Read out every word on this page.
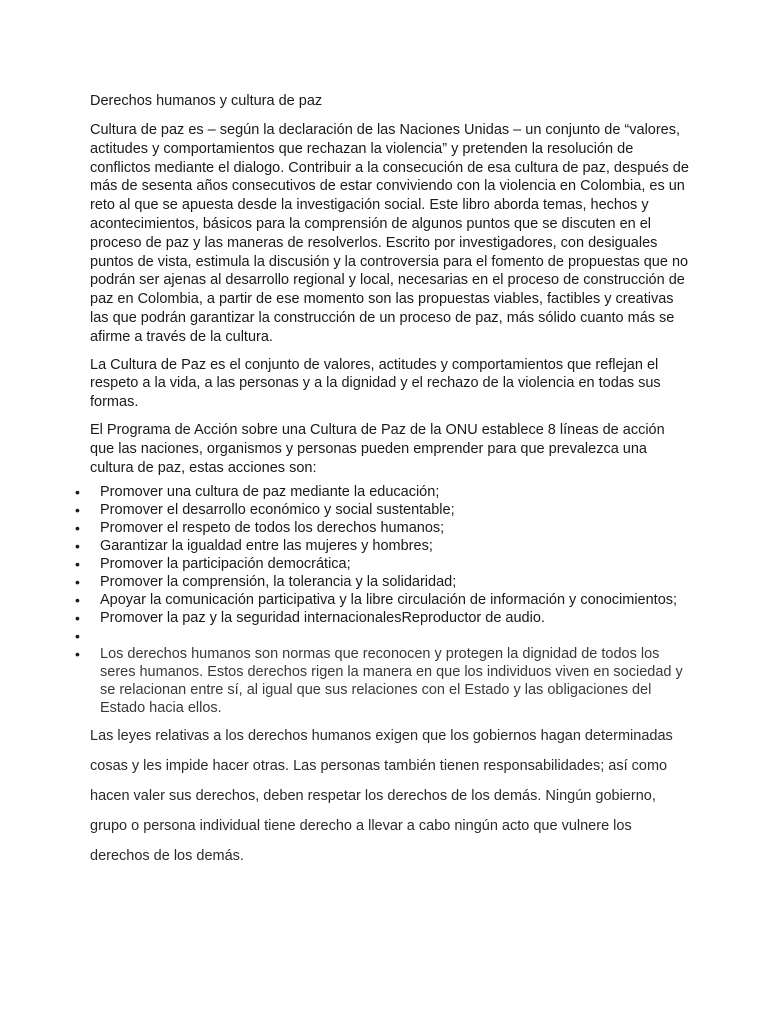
Derechos humanos y cultura de paz

Cultura de paz es – según la declaración de las Naciones Unidas – un conjunto de “valores, actitudes y comportamientos que rechazan la violencia” y pretenden la resolución de conflictos mediante el dialogo. Contribuir a la consecución de esa cultura de paz, después de más de sesenta años consecutivos de estar conviviendo con la violencia en Colombia, es un reto al que se apuesta desde la investigación social. Este libro aborda temas, hechos y acontecimientos, básicos para la comprensión de algunos puntos que se discuten en el proceso de paz y las maneras de resolverlos. Escrito por investigadores, con desiguales puntos de vista, estimula la discusión y la controversia para el fomento de propuestas que no podrán ser ajenas al desarrollo regional y local, necesarias en el proceso de construcción de paz en Colombia, a partir de ese momento son las propuestas viables, factibles y creativas las que podrán garantizar la construcción de un proceso de paz, más sólido cuanto más se afirme a través de la cultura.

La Cultura de Paz es el conjunto de valores, actitudes y comportamientos que reflejan el respeto a la vida, a las personas y a la dignidad y el rechazo de la violencia en todas sus formas.

El Programa de Acción sobre una Cultura de Paz de la ONU establece 8 líneas de acción que las naciones, organismos y personas pueden emprender para que prevalezca una cultura de paz, estas acciones son:

• Promover una cultura de paz mediante la educación;
• Promover el desarrollo económico y social sustentable;
• Promover el respeto de todos los derechos humanos;
• Garantizar la igualdad entre las mujeres y hombres;
• Promover la participación democrática;
• Promover la comprensión, la tolerancia y la solidaridad;
• Apoyar la comunicación participativa y la libre circulación de información y conocimientos;
• Promover la paz y la seguridad internacionalesReproductor de audio.
•
• Los derechos humanos son normas que reconocen y protegen la dignidad de todos los seres humanos. Estos derechos rigen la manera en que los individuos viven en sociedad y se relacionan entre sí, al igual que sus relaciones con el Estado y las obligaciones del Estado hacia ellos.

Las leyes relativas a los derechos humanos exigen que los gobiernos hagan determinadas cosas y les impide hacer otras. Las personas también tienen responsabilidades; así como hacen valer sus derechos, deben respetar los derechos de los demás. Ningún gobierno, grupo o persona individual tiene derecho a llevar a cabo ningún acto que vulnere los derechos de los demás.
